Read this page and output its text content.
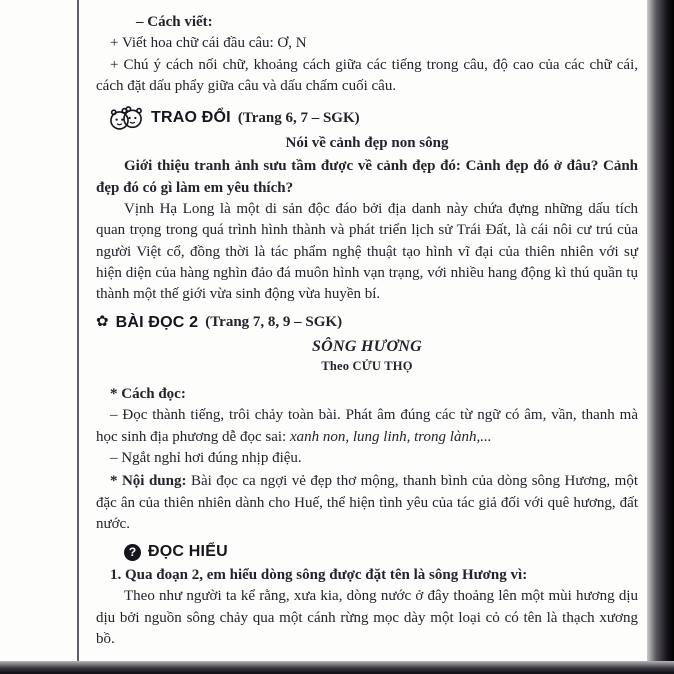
– Cách viết:

+ Viết hoa chữ cái đầu câu: Ơ, N

+ Chú ý cách nối chữ, khoảng cách giữa các tiếng trong câu, độ cao của các chữ cái, cách đặt dấu phẩy giữa câu và dấu chấm cuối câu.

TRAO ĐỔI (Trang 6, 7 – SGK)

Nói về cảnh đẹp non sông

Giới thiệu tranh ảnh sưu tầm được về cảnh đẹp đó: Cảnh đẹp đó ở đâu? Cảnh đẹp đó có gì làm em yêu thích?

Vịnh Hạ Long là một di sản độc đáo bởi địa danh này chứa đựng những dấu tích quan trọng trong quá trình hình thành và phát triển lịch sử Trái Đất, là cái nôi cư trú của người Việt cổ, đồng thời là tác phẩm nghệ thuật tạo hình vĩ đại của thiên nhiên với sự hiện diện của hàng nghìn đảo đá muôn hình vạn trạng, với nhiều hang động kì thú quần tụ thành một thế giới vừa sinh động vừa huyền bí.

✿ BÀI ĐỌC 2 (Trang 7, 8, 9 – SGK)

SÔNG HƯƠNG

Theo CỬU THỌ

* Cách đọc:

– Đọc thành tiếng, trôi chảy toàn bài. Phát âm đúng các từ ngữ có âm, vần, thanh mà học sinh địa phương dễ đọc sai: xanh non, lung linh, trong lành,...

– Ngắt nghỉ hơi đúng nhịp điệu.

* Nội dung: Bài đọc ca ngợi vẻ đẹp thơ mộng, thanh bình của dòng sông Hương, một đặc ân của thiên nhiên dành cho Huế, thể hiện tình yêu của tác giả đối với quê hương, đất nước.

? ĐỌC HIỂU

1. Qua đoạn 2, em hiểu dòng sông được đặt tên là sông Hương vì:

Theo như người ta kể rằng, xưa kia, dòng nước ở đây thoảng lên một mùi hương dịu dịu bởi nguồn sông chảy qua một cánh rừng mọc dày một loại cỏ có tên là thạch xương bồ.
